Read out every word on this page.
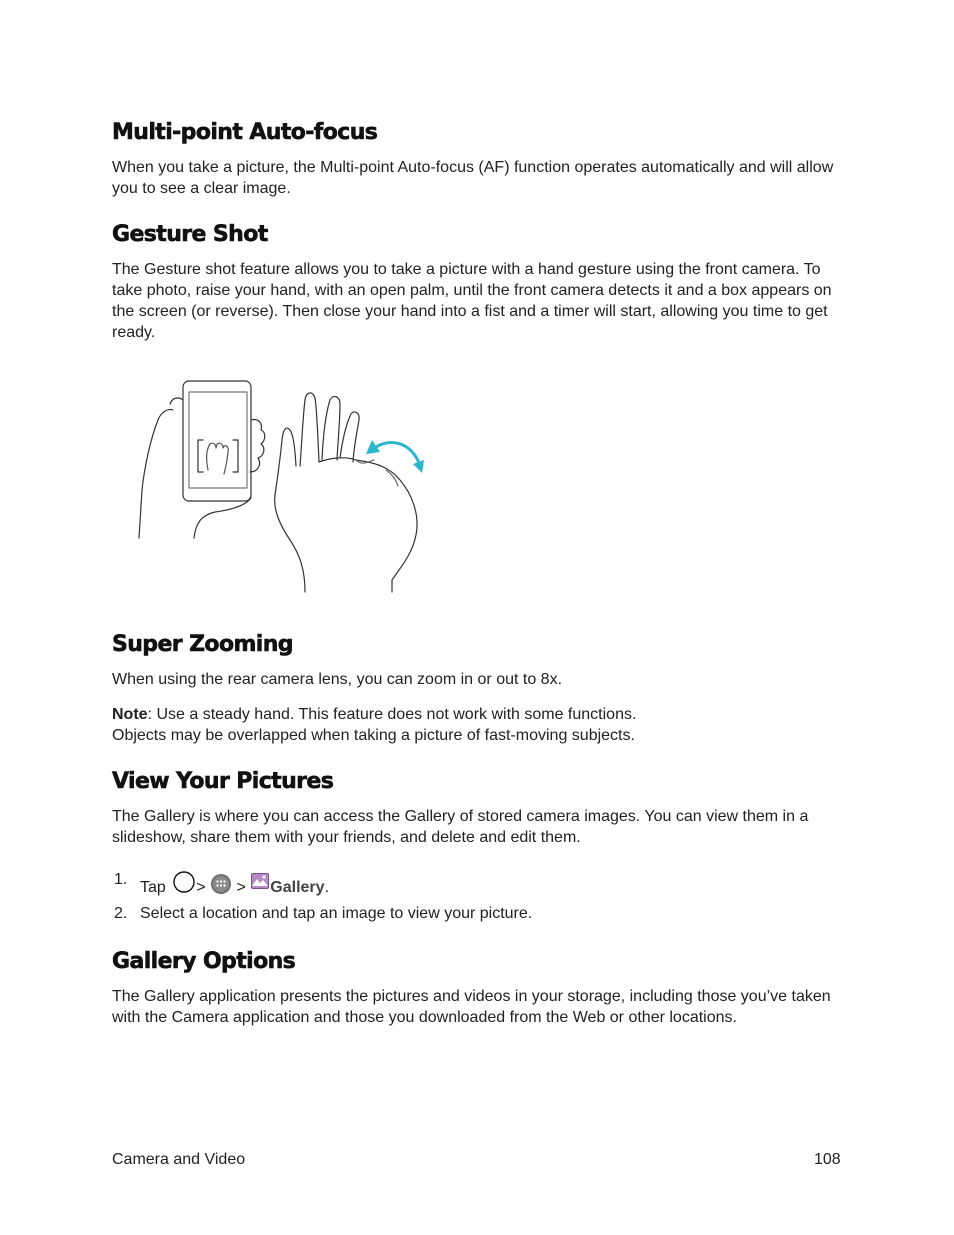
Multi-point Auto-focus

When you take a picture, the Multi-point Auto-focus (AF) function operates automatically and will allow you to see a clear image.

Gesture Shot

The Gesture shot feature allows you to take a picture with a hand gesture using the front camera. To take photo, raise your hand, with an open palm, until the front camera detects it and a box appears on the screen (or reverse). Then close your hand into a fist and a timer will start, allowing you time to get ready.

Super Zooming

When using the rear camera lens, you can zoom in or out to 8x.

Note: Use a steady hand. This feature does not work with some functions.
Objects may be overlapped when taking a picture of fast-moving subjects.

View Your Pictures

The Gallery is where you can access the Gallery of stored camera images. You can view them in a slideshow, share them with your friends, and delete and edit them.

1. Tap > > Gallery.
2. Select a location and tap an image to view your picture.
Gallery Options

The Gallery application presents the pictures and videos in your storage, including those you’ve taken with the Camera application and those you downloaded from the Web or other locations.

Camera and Video	108
